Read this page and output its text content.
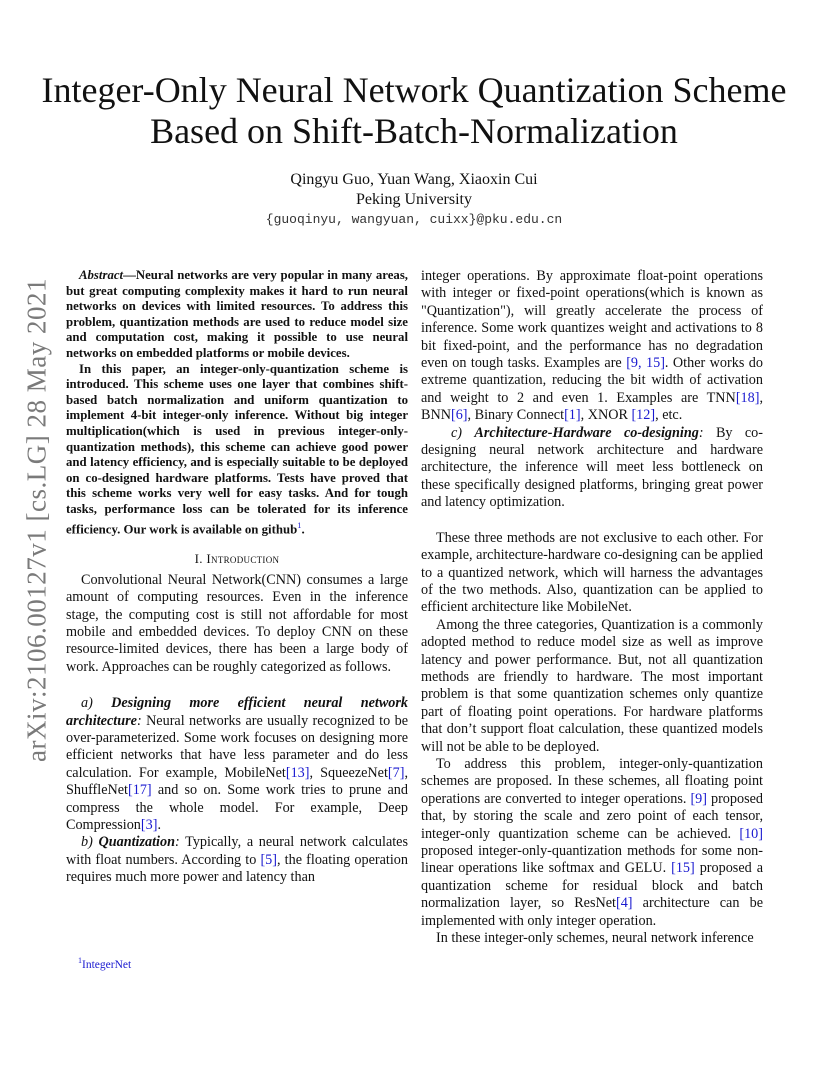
arXiv:2106.00127v1 [cs.LG] 28 May 2021
Integer-Only Neural Network Quantization Scheme
Based on Shift-Batch-Normalization
Qingyu Guo, Yuan Wang, Xiaoxin Cui
Peking University
{guoqinyu, wangyuan, cuixx}@pku.edu.cn

Abstract—Neural networks are very popular in many areas, but great computing complexity makes it hard to run neural networks on devices with limited resources. To address this problem, quantization methods are used to reduce model size and computation cost, making it possible to use neural networks on embedded platforms or mobile devices.

In this paper, an integer-only-quantization scheme is introduced. This scheme uses one layer that combines shift-based batch normalization and uniform quantization to implement 4-bit integer-only inference. Without big integer multiplication(which is used in previous integer-only-quantization methods), this scheme can achieve good power and latency efficiency, and is especially suitable to be deployed on co-designed hardware platforms. Tests have proved that this scheme works very well for easy tasks. And for tough tasks, performance loss can be tolerated for its inference efficiency. Our work is available on github$^1$.

I. Introduction

Convolutional Neural Network(CNN) consumes a large amount of computing resources. Even in the inference stage, the computing cost is still not affordable for most mobile and embedded devices. To deploy CNN on these resource-limited devices, there has been a large body of work. Approaches can be roughly categorized as follows.

a) Designing more efficient neural network architecture: Neural networks are usually recognized to be over-parameterized. Some work focuses on designing more efficient networks that have less parameter and do less calculation. For example, MobileNet[13], SqueezeNet[7], ShuffleNet[17] and so on. Some work tries to prune and compress the whole model. For example, Deep Compression[3].

b) Quantization: Typically, a neural network calculates with float numbers. According to [5], the floating operation requires much more power and latency than

integer operations. By approximate float-point operations with integer or fixed-point operations(which is known as "Quantization"), will greatly accelerate the process of inference. Some work quantizes weight and activations to 8 bit fixed-point, and the performance has no degradation even on tough tasks. Examples are [9, 15]. Other works do extreme quantization, reducing the bit width of activation and weight to 2 and even 1. Examples are TNN[18], BNN[6], Binary Connect[1], XNOR [12], etc.

c) Architecture-Hardware co-designing: By co-designing neural network architecture and hardware architecture, the inference will meet less bottleneck on these specifically designed platforms, bringing great power and latency optimization.

These three methods are not exclusive to each other. For example, architecture-hardware co-designing can be applied to a quantized network, which will harness the advantages of the two methods. Also, quantization can be applied to efficient architecture like MobileNet.

Among the three categories, Quantization is a commonly adopted method to reduce model size as well as improve latency and power performance. But, not all quantization methods are friendly to hardware. The most important problem is that some quantization schemes only quantize part of floating point operations. For hardware platforms that don’t support float calculation, these quantized models will not be able to be deployed.

To address this problem, integer-only-quantization schemes are proposed. In these schemes, all floating point operations are converted to integer operations. [9] proposed that, by storing the scale and zero point of each tensor, integer-only quantization scheme can be achieved. [10] proposed integer-only-quantization methods for some non-linear operations like softmax and GELU. [15] proposed a quantization scheme for residual block and batch normalization layer, so ResNet[4] architecture can be implemented with only integer operation.

In these integer-only schemes, neural network inference

$^1$IntegerNet
